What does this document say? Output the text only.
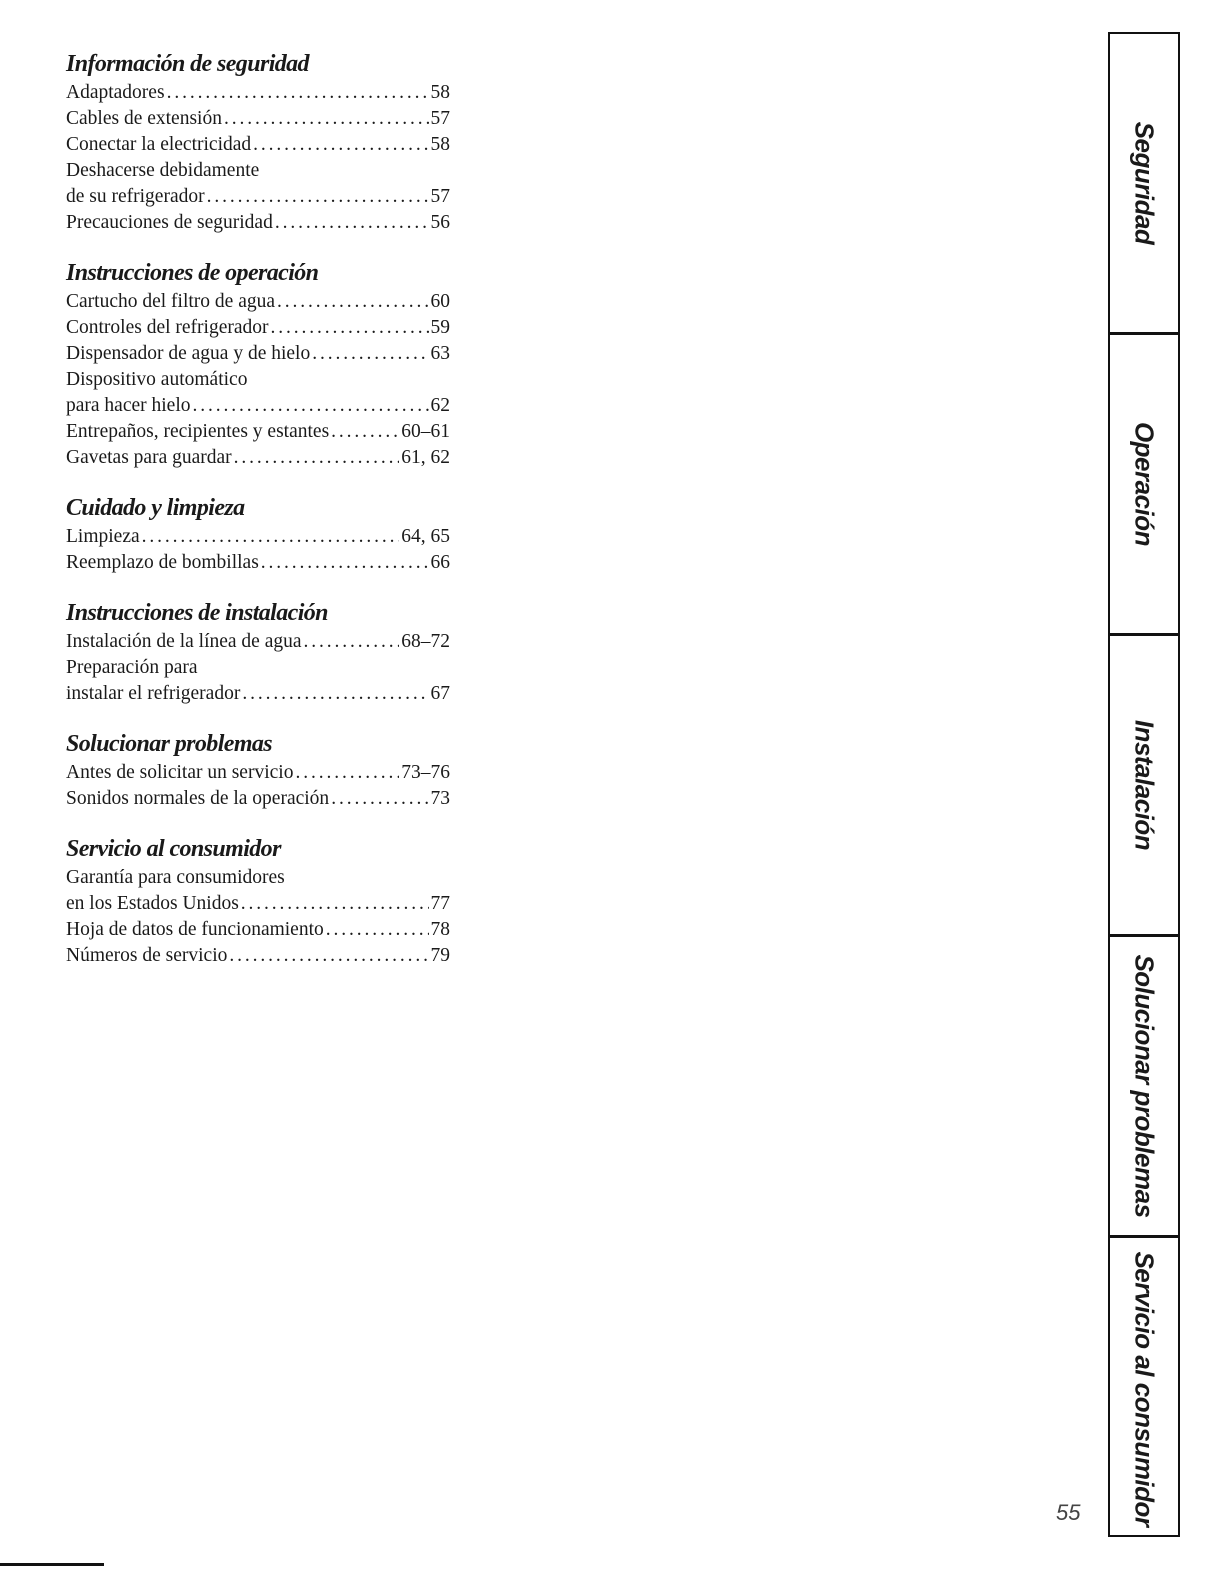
Información de seguridad
Adaptadores . . .	58
Cables de extensión . . .	57
Conectar la electricidad . . .	58
Deshacerse debidamente
de su refrigerador . . .	57
Precauciones de seguridad . . .	56
Instrucciones de operación
Cartucho del filtro de agua . . .	60
Controles del refrigerador . . .	59
Dispensador de agua y de hielo . . .	63
Dispositivo automático
para hacer hielo . . .	62
Entrepaños, recipientes y estantes . . .	60–61
Gavetas para guardar . . .	61, 62
Cuidado y limpieza
Limpieza . . .	64, 65
Reemplazo de bombillas . . .	66
Instrucciones de instalación
Instalación de la línea de agua . . .	68–72
Preparación para
instalar el refrigerador . . .	67
Solucionar problemas
Antes de solicitar un servicio . . .	73–76
Sonidos normales de la operación . . .	73
Servicio al consumidor
Garantía para consumidores
en los Estados Unidos . . .	77
Hoja de datos de funcionamiento . . .	78
Números de servicio . . .	79
Seguridad
Operación
Instalación
Solucionar problemas
Servicio al consumidor
55
